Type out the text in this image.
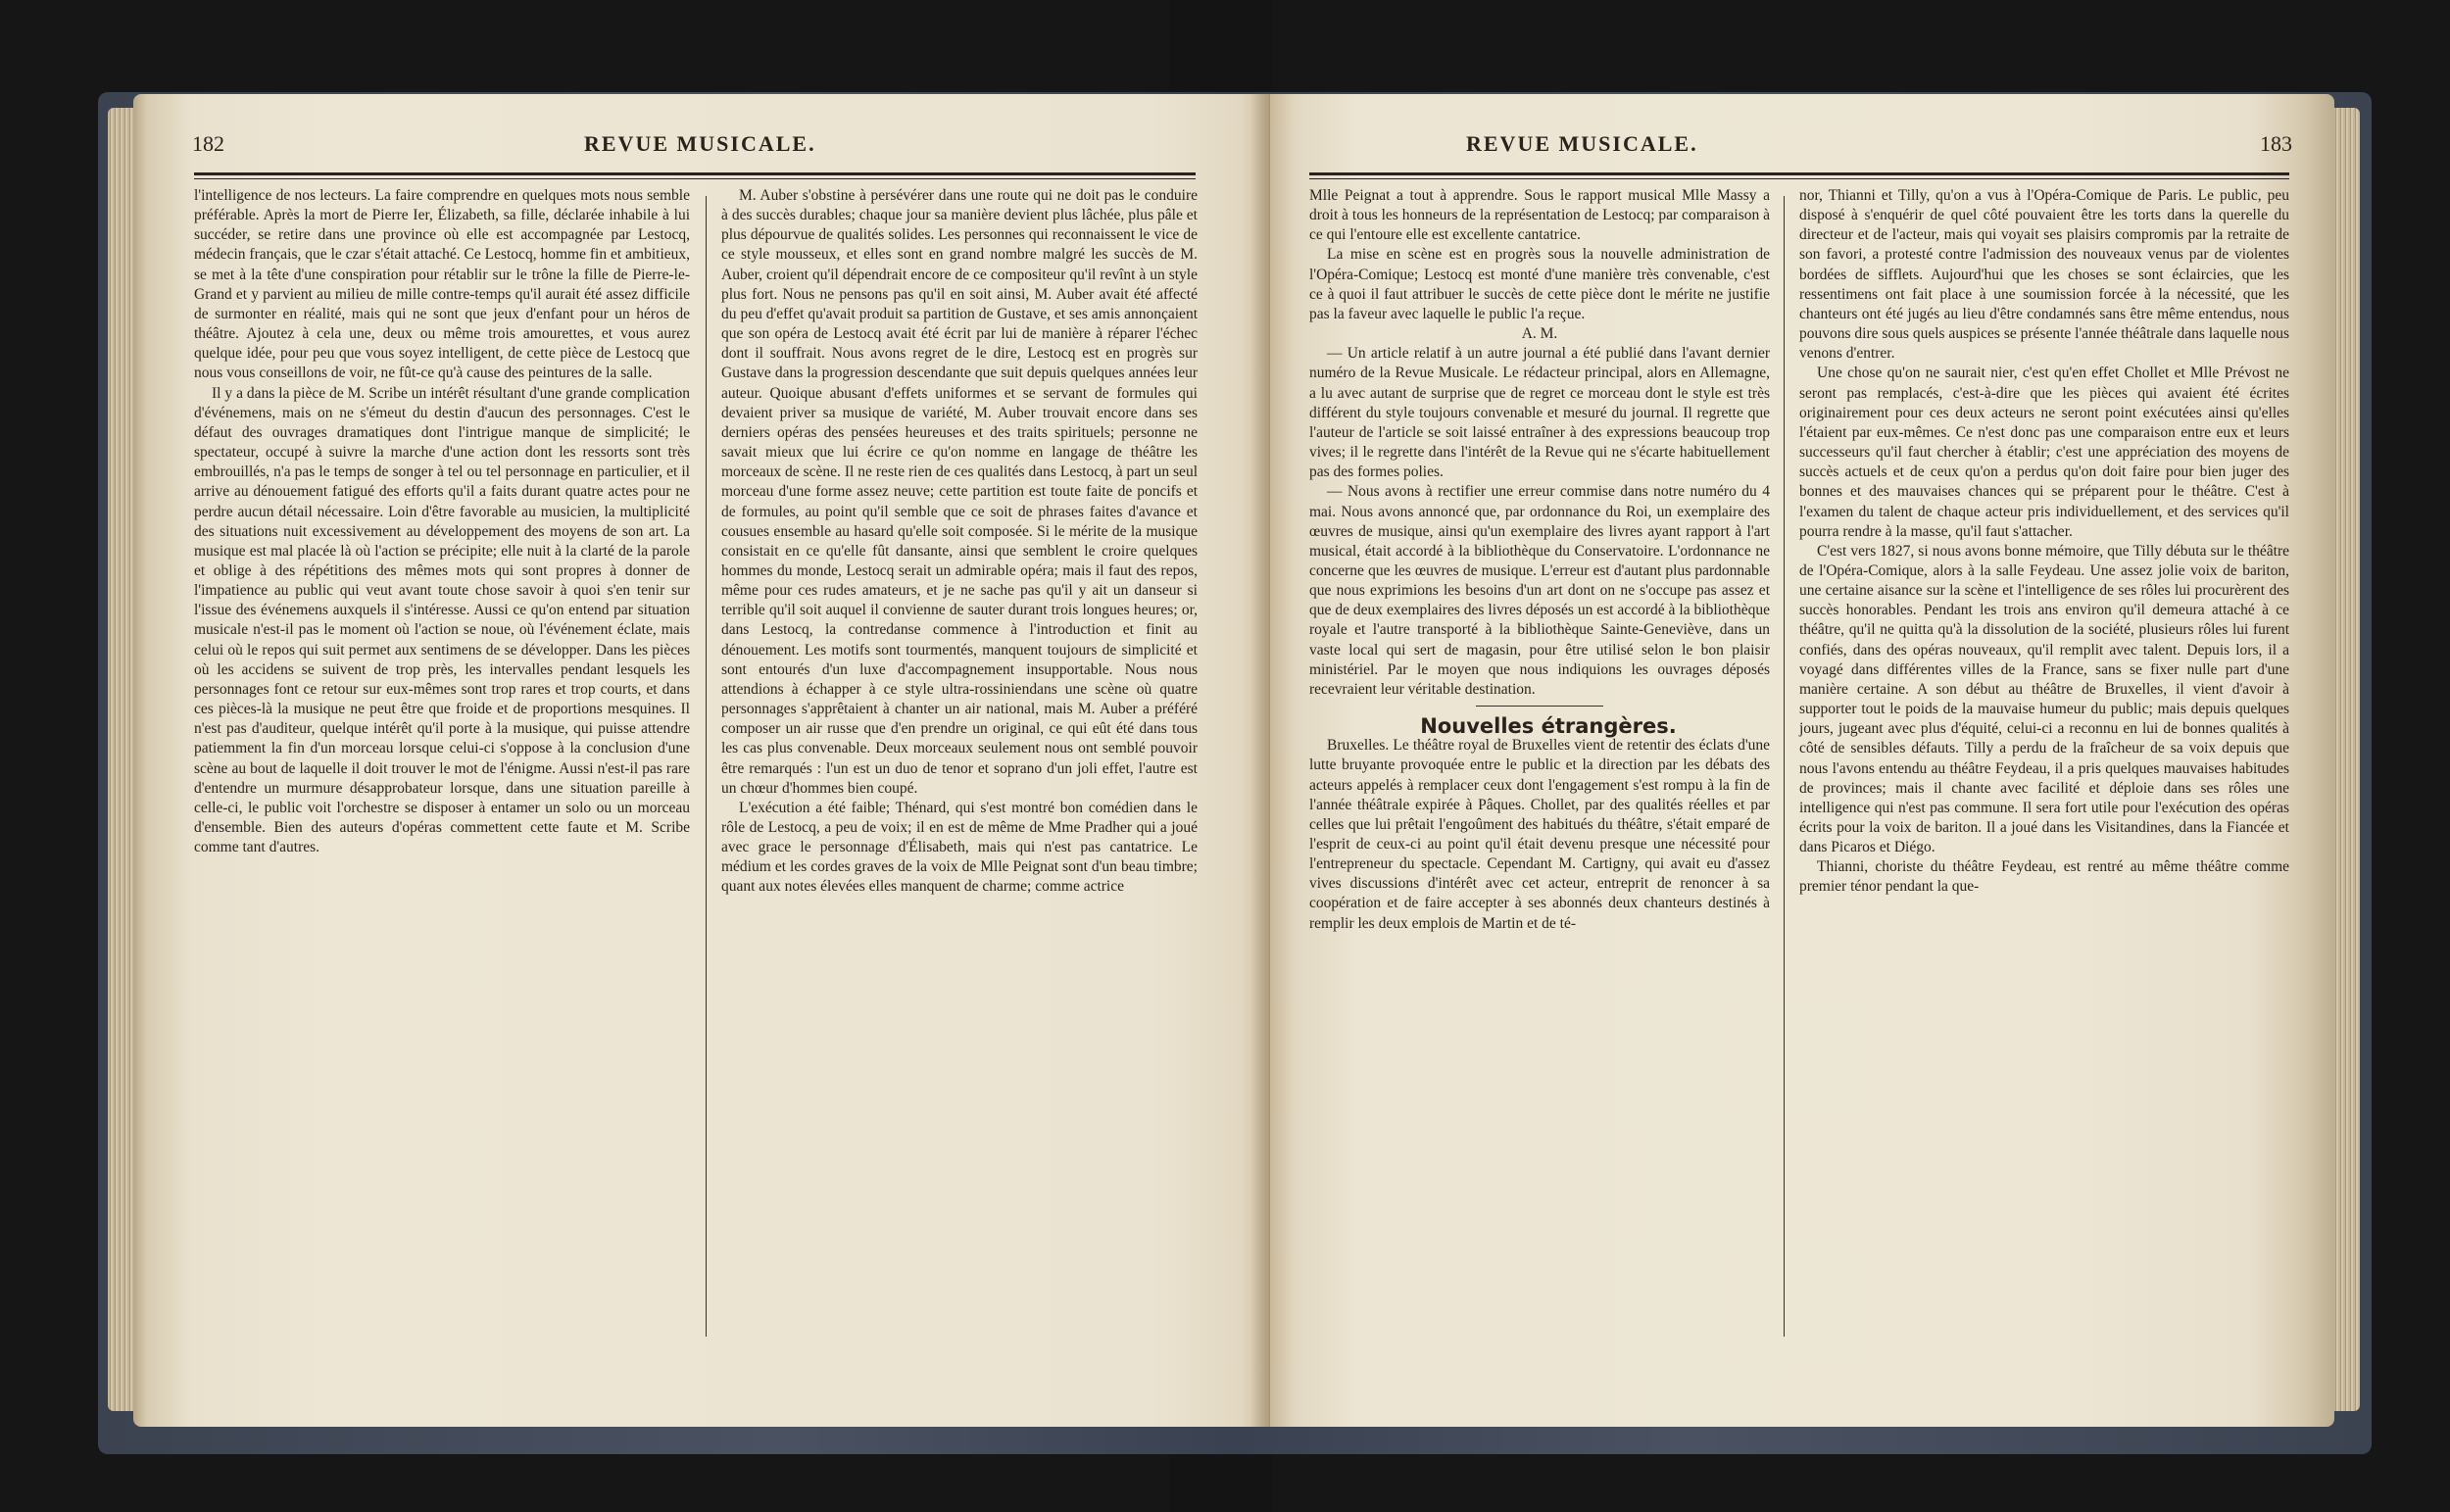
182	REVUE MUSICALE.

l'intelligence de nos lecteurs. La faire comprendre en quelques mots nous semble préférable. Après la mort de Pierre Ier, Élizabeth, sa fille, déclarée inhabile à lui succéder, se retire dans une province où elle est accompagnée par Lestocq, médecin français, que le czar s'était attaché. Ce Lestocq, homme fin et ambitieux, se met à la tête d'une conspiration pour rétablir sur le trône la fille de Pierre-le-Grand et y parvient au milieu de mille contre-temps qu'il aurait été assez difficile de surmonter en réalité, mais qui ne sont que jeux d'enfant pour un héros de théâtre. Ajoutez à cela une, deux ou même trois amourettes, et vous aurez quelque idée, pour peu que vous soyez intelligent, de cette pièce de Lestocq que nous vous conseillons de voir, ne fût-ce qu'à cause des peintures de la salle.

Il y a dans la pièce de M. Scribe un intérêt résultant d'une grande complication d'événemens, mais on ne s'émeut du destin d'aucun des personnages. C'est le défaut des ouvrages dramatiques dont l'intrigue manque de simplicité; le spectateur, occupé à suivre la marche d'une action dont les ressorts sont très embrouillés, n'a pas le temps de songer à tel ou tel personnage en particulier, et il arrive au dénouement fatigué des efforts qu'il a faits durant quatre actes pour ne perdre aucun détail nécessaire. Loin d'être favorable au musicien, la multiplicité des situations nuit excessivement au développement des moyens de son art. La musique est mal placée là où l'action se précipite; elle nuit à la clarté de la parole et oblige à des répétitions des mêmes mots qui sont propres à donner de l'impatience au public qui veut avant toute chose savoir à quoi s'en tenir sur l'issue des événemens auxquels il s'intéresse. Aussi ce qu'on entend par situation musicale n'est-il pas le moment où l'action se noue, où l'événement éclate, mais celui où le repos qui suit permet aux sentimens de se développer. Dans les pièces où les accidens se suivent de trop près, les intervalles pendant lesquels les personnages font ce retour sur eux-mêmes sont trop rares et trop courts, et dans ces pièces-là la musique ne peut être que froide et de proportions mesquines. Il n'est pas d'auditeur, quelque intérêt qu'il porte à la musique, qui puisse attendre patiemment la fin d'un morceau lorsque celui-ci s'oppose à la conclusion d'une scène au bout de laquelle il doit trouver le mot de l'énigme. Aussi n'est-il pas rare d'entendre un murmure désapprobateur lorsque, dans une situation pareille à celle-ci, le public voit l'orchestre se disposer à entamer un solo ou un morceau d'ensemble. Bien des auteurs d'opéras commettent cette faute et M. Scribe comme tant d'autres.

M. Auber s'obstine à persévérer dans une route qui ne doit pas le conduire à des succès durables; chaque jour sa manière devient plus lâchée, plus pâle et plus dépourvue de qualités solides. Les personnes qui reconnaissent le vice de ce style mousseux, et elles sont en grand nombre malgré les succès de M. Auber, croient qu'il dépendrait encore de ce compositeur qu'il revînt à un style plus fort. Nous ne pensons pas qu'il en soit ainsi, M. Auber avait été affecté du peu d'effet qu'avait produit sa partition de Gustave, et ses amis annonçaient que son opéra de Lestocq avait été écrit par lui de manière à réparer l'échec dont il souffrait. Nous avons regret de le dire, Lestocq est en progrès sur Gustave dans la progression descendante que suit depuis quelques années leur auteur. Quoique abusant d'effets uniformes et se servant de formules qui devaient priver sa musique de variété, M. Auber trouvait encore dans ses derniers opéras des pensées heureuses et des traits spirituels; personne ne savait mieux que lui écrire ce qu'on nomme en langage de théâtre les morceaux de scène. Il ne reste rien de ces qualités dans Lestocq, à part un seul morceau d'une forme assez neuve; cette partition est toute faite de poncifs et de formules, au point qu'il semble que ce soit de phrases faites d'avance et cousues ensemble au hasard qu'elle soit composée. Si le mérite de la musique consistait en ce qu'elle fût dansante, ainsi que semblent le croire quelques hommes du monde, Lestocq serait un admirable opéra; mais il faut des repos, même pour ces rudes amateurs, et je ne sache pas qu'il y ait un danseur si terrible qu'il soit auquel il convienne de sauter durant trois longues heures; or, dans Lestocq, la contredanse commence à l'introduction et finit au dénouement. Les motifs sont tourmentés, manquent toujours de simplicité et sont entourés d'un luxe d'accompagnement insupportable. Nous nous attendions à échapper à ce style ultra-rossiniendans une scène où quatre personnages s'apprêtaient à chanter un air national, mais M. Auber a préféré composer un air russe que d'en prendre un original, ce qui eût été dans tous les cas plus convenable. Deux morceaux seulement nous ont semblé pouvoir être remarqués : l'un est un duo de tenor et soprano d'un joli effet, l'autre est un chœur d'hommes bien coupé.

L'exécution a été faible; Thénard, qui s'est montré bon comédien dans le rôle de Lestocq, a peu de voix; il en est de même de Mme Pradher qui a joué avec grace le personnage d'Élisabeth, mais qui n'est pas cantatrice. Le médium et les cordes graves de la voix de Mlle Peignat sont d'un beau timbre; quant aux notes élevées elles manquent de charme; comme actrice

REVUE MUSICALE.	183

Mlle Peignat a tout à apprendre. Sous le rapport musical Mlle Massy a droit à tous les honneurs de la représentation de Lestocq; par comparaison à ce qui l'entoure elle est excellente cantatrice.

La mise en scène est en progrès sous la nouvelle administration de l'Opéra-Comique; Lestocq est monté d'une manière très convenable, c'est ce à quoi il faut attribuer le succès de cette pièce dont le mérite ne justifie pas la faveur avec laquelle le public l'a reçue.

A. M.

— Un article relatif à un autre journal a été publié dans l'avant dernier numéro de la Revue Musicale. Le rédacteur principal, alors en Allemagne, a lu avec autant de surprise que de regret ce morceau dont le style est très différent du style toujours convenable et mesuré du journal. Il regrette que l'auteur de l'article se soit laissé entraîner à des expressions beaucoup trop vives; il le regrette dans l'intérêt de la Revue qui ne s'écarte habituellement pas des formes polies.

— Nous avons à rectifier une erreur commise dans notre numéro du 4 mai. Nous avons annoncé que, par ordonnance du Roi, un exemplaire des œuvres de musique, ainsi qu'un exemplaire des livres ayant rapport à l'art musical, était accordé à la bibliothèque du Conservatoire. L'ordonnance ne concerne que les œuvres de musique. L'erreur est d'autant plus pardonnable que nous exprimions les besoins d'un art dont on ne s'occupe pas assez et que de deux exemplaires des livres déposés un est accordé à la bibliothèque royale et l'autre transporté à la bibliothèque Sainte-Geneviève, dans un vaste local qui sert de magasin, pour être utilisé selon le bon plaisir ministériel. Par le moyen que nous indiquions les ouvrages déposés recevraient leur véritable destination.

Nouvelles étrangères.

Bruxelles. Le théâtre royal de Bruxelles vient de retentir des éclats d'une lutte bruyante provoquée entre le public et la direction par les débats des acteurs appelés à remplacer ceux dont l'engagement s'est rompu à la fin de l'année théâtrale expirée à Pâques. Chollet, par des qualités réelles et par celles que lui prêtait l'engoûment des habitués du théâtre, s'était emparé de l'esprit de ceux-ci au point qu'il était devenu presque une nécessité pour l'entrepreneur du spectacle. Cependant M. Cartigny, qui avait eu d'assez vives discussions d'intérêt avec cet acteur, entreprit de renoncer à sa coopération et de faire accepter à ses abonnés deux chanteurs destinés à remplir les deux emplois de Martin et de té-

nor, Thianni et Tilly, qu'on a vus à l'Opéra-Comique de Paris. Le public, peu disposé à s'enquérir de quel côté pouvaient être les torts dans la querelle du directeur et de l'acteur, mais qui voyait ses plaisirs compromis par la retraite de son favori, a protesté contre l'admission des nouveaux venus par de violentes bordées de sifflets. Aujourd'hui que les choses se sont éclaircies, que les ressentimens ont fait place à une soumission forcée à la nécessité, que les chanteurs ont été jugés au lieu d'être condamnés sans être même entendus, nous pouvons dire sous quels auspices se présente l'année théâtrale dans laquelle nous venons d'entrer.

Une chose qu'on ne saurait nier, c'est qu'en effet Chollet et Mlle Prévost ne seront pas remplacés, c'est-à-dire que les pièces qui avaient été écrites originairement pour ces deux acteurs ne seront point exécutées ainsi qu'elles l'étaient par eux-mêmes. Ce n'est donc pas une comparaison entre eux et leurs successeurs qu'il faut chercher à établir; c'est une appréciation des moyens de succès actuels et de ceux qu'on a perdus qu'on doit faire pour bien juger des bonnes et des mauvaises chances qui se préparent pour le théâtre. C'est à l'examen du talent de chaque acteur pris individuellement, et des services qu'il pourra rendre à la masse, qu'il faut s'attacher.

C'est vers 1827, si nous avons bonne mémoire, que Tilly débuta sur le théâtre de l'Opéra-Comique, alors à la salle Feydeau. Une assez jolie voix de bariton, une certaine aisance sur la scène et l'intelligence de ses rôles lui procurèrent des succès honorables. Pendant les trois ans environ qu'il demeura attaché à ce théâtre, qu'il ne quitta qu'à la dissolution de la société, plusieurs rôles lui furent confiés, dans des opéras nouveaux, qu'il remplit avec talent. Depuis lors, il a voyagé dans différentes villes de la France, sans se fixer nulle part d'une manière certaine. A son début au théâtre de Bruxelles, il vient d'avoir à supporter tout le poids de la mauvaise humeur du public; mais depuis quelques jours, jugeant avec plus d'équité, celui-ci a reconnu en lui de bonnes qualités à côté de sensibles défauts. Tilly a perdu de la fraîcheur de sa voix depuis que nous l'avons entendu au théâtre Feydeau, il a pris quelques mauvaises habitudes de provinces; mais il chante avec facilité et déploie dans ses rôles une intelligence qui n'est pas commune. Il sera fort utile pour l'exécution des opéras écrits pour la voix de bariton. Il a joué dans les Visitandines, dans la Fiancée et dans Picaros et Diégo.

Thianni, choriste du théâtre Feydeau, est rentré au même théâtre comme premier ténor pendant la que-
